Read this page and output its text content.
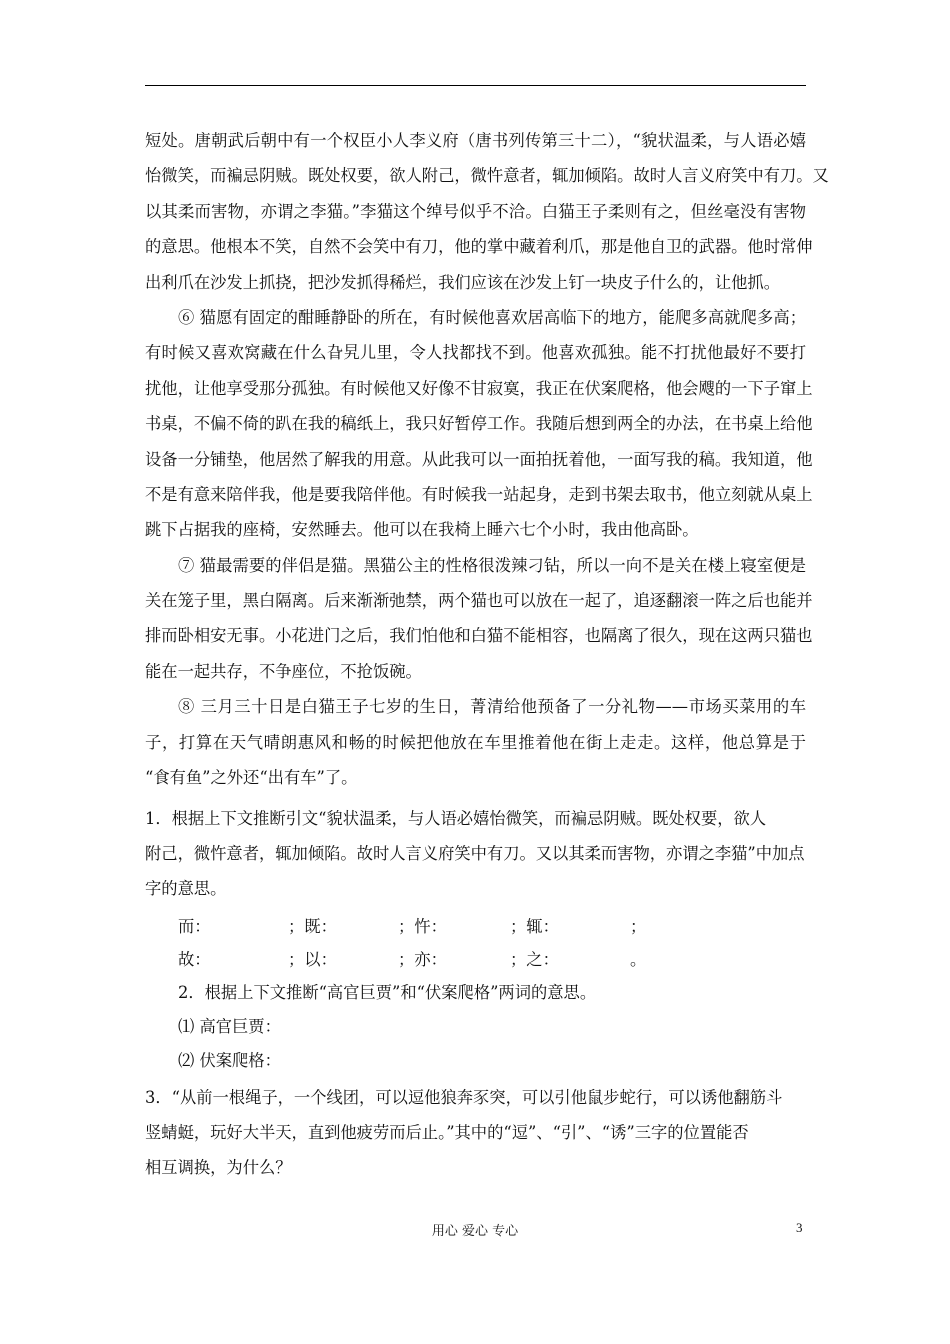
短处。唐朝武后朝中有一个权臣小人李义府（唐书列传第三十二），“貌状温柔，与人语必嬉
怡微笑，而褊忌阴贼。既处权要，欲人附己，微忤意者，辄加倾陷。故时人言义府笑中有刀。又
以其柔而害物，亦谓之李猫。”李猫这个绰号似乎不洽。白猫王子柔则有之，但丝毫没有害物
的意思。他根本不笑，自然不会笑中有刀，他的掌中藏着利爪，那是他自卫的武器。他时常伸
出利爪在沙发上抓挠，把沙发抓得稀烂，我们应该在沙发上钉一块皮子什么的，让他抓。
⑥ 猫愿有固定的酣睡静卧的所在，有时候他喜欢居高临下的地方，能爬多高就爬多高；
有时候又喜欢窝藏在什么旮旯儿里，令人找都找不到。他喜欢孤独。能不打扰他最好不要打
扰他，让他享受那分孤独。有时候他又好像不甘寂寞，我正在伏案爬格，他会飕的一下子窜上
书桌，不偏不倚的趴在我的稿纸上，我只好暂停工作。我随后想到两全的办法，在书桌上给他
设备一分铺垫，他居然了解我的用意。从此我可以一面拍抚着他，一面写我的稿。我知道，他
不是有意来陪伴我，他是要我陪伴他。有时候我一站起身，走到书架去取书，他立刻就从桌上
跳下占据我的座椅，安然睡去。他可以在我椅上睡六七个小时，我由他高卧。
⑦ 猫最需要的伴侣是猫。黑猫公主的性格很泼辣刁钻，所以一向不是关在楼上寝室便是
关在笼子里，黑白隔离。后来渐渐弛禁，两个猫也可以放在一起了，追逐翻滚一阵之后也能并
排而卧相安无事。小花进门之后，我们怕他和白猫不能相容，也隔离了很久，现在这两只猫也
能在一起共存，不争座位，不抢饭碗。
⑧ 三月三十日是白猫王子七岁的生日，菁清给他预备了一分礼物——市场买菜用的车
子，打算在天气晴朗惠风和畅的时候把他放在车里推着他在街上走走。这样，他总算是于
“食有鱼”之外还“出有车”了。
1．根据上下文推断引文“貌状温柔，与人语必嬉怡微笑，而褊忌阴贼。既处权要，欲人
附己，微忤意者，辄加倾陷。故时人言义府笑中有刀。又以其柔而害物，亦谓之李猫”中加点
字的意思。
而：	；既：	；忤：	；辄：	；
故：	；以：	；亦：	；之：	。
2．根据上下文推断“高官巨贾”和“伏案爬格”两词的意思。
⑴ 高官巨贾：
⑵ 伏案爬格：
3．“从前一根绳子，一个线团，可以逗他狼奔豕突，可以引他鼠步蛇行，可以诱他翻筋斗
竖蜻蜓，玩好大半天，直到他疲劳而后止。”其中的“逗”、“引”、“诱”三字的位置能否
相互调换，为什么？
用心 爱心 专心	3
